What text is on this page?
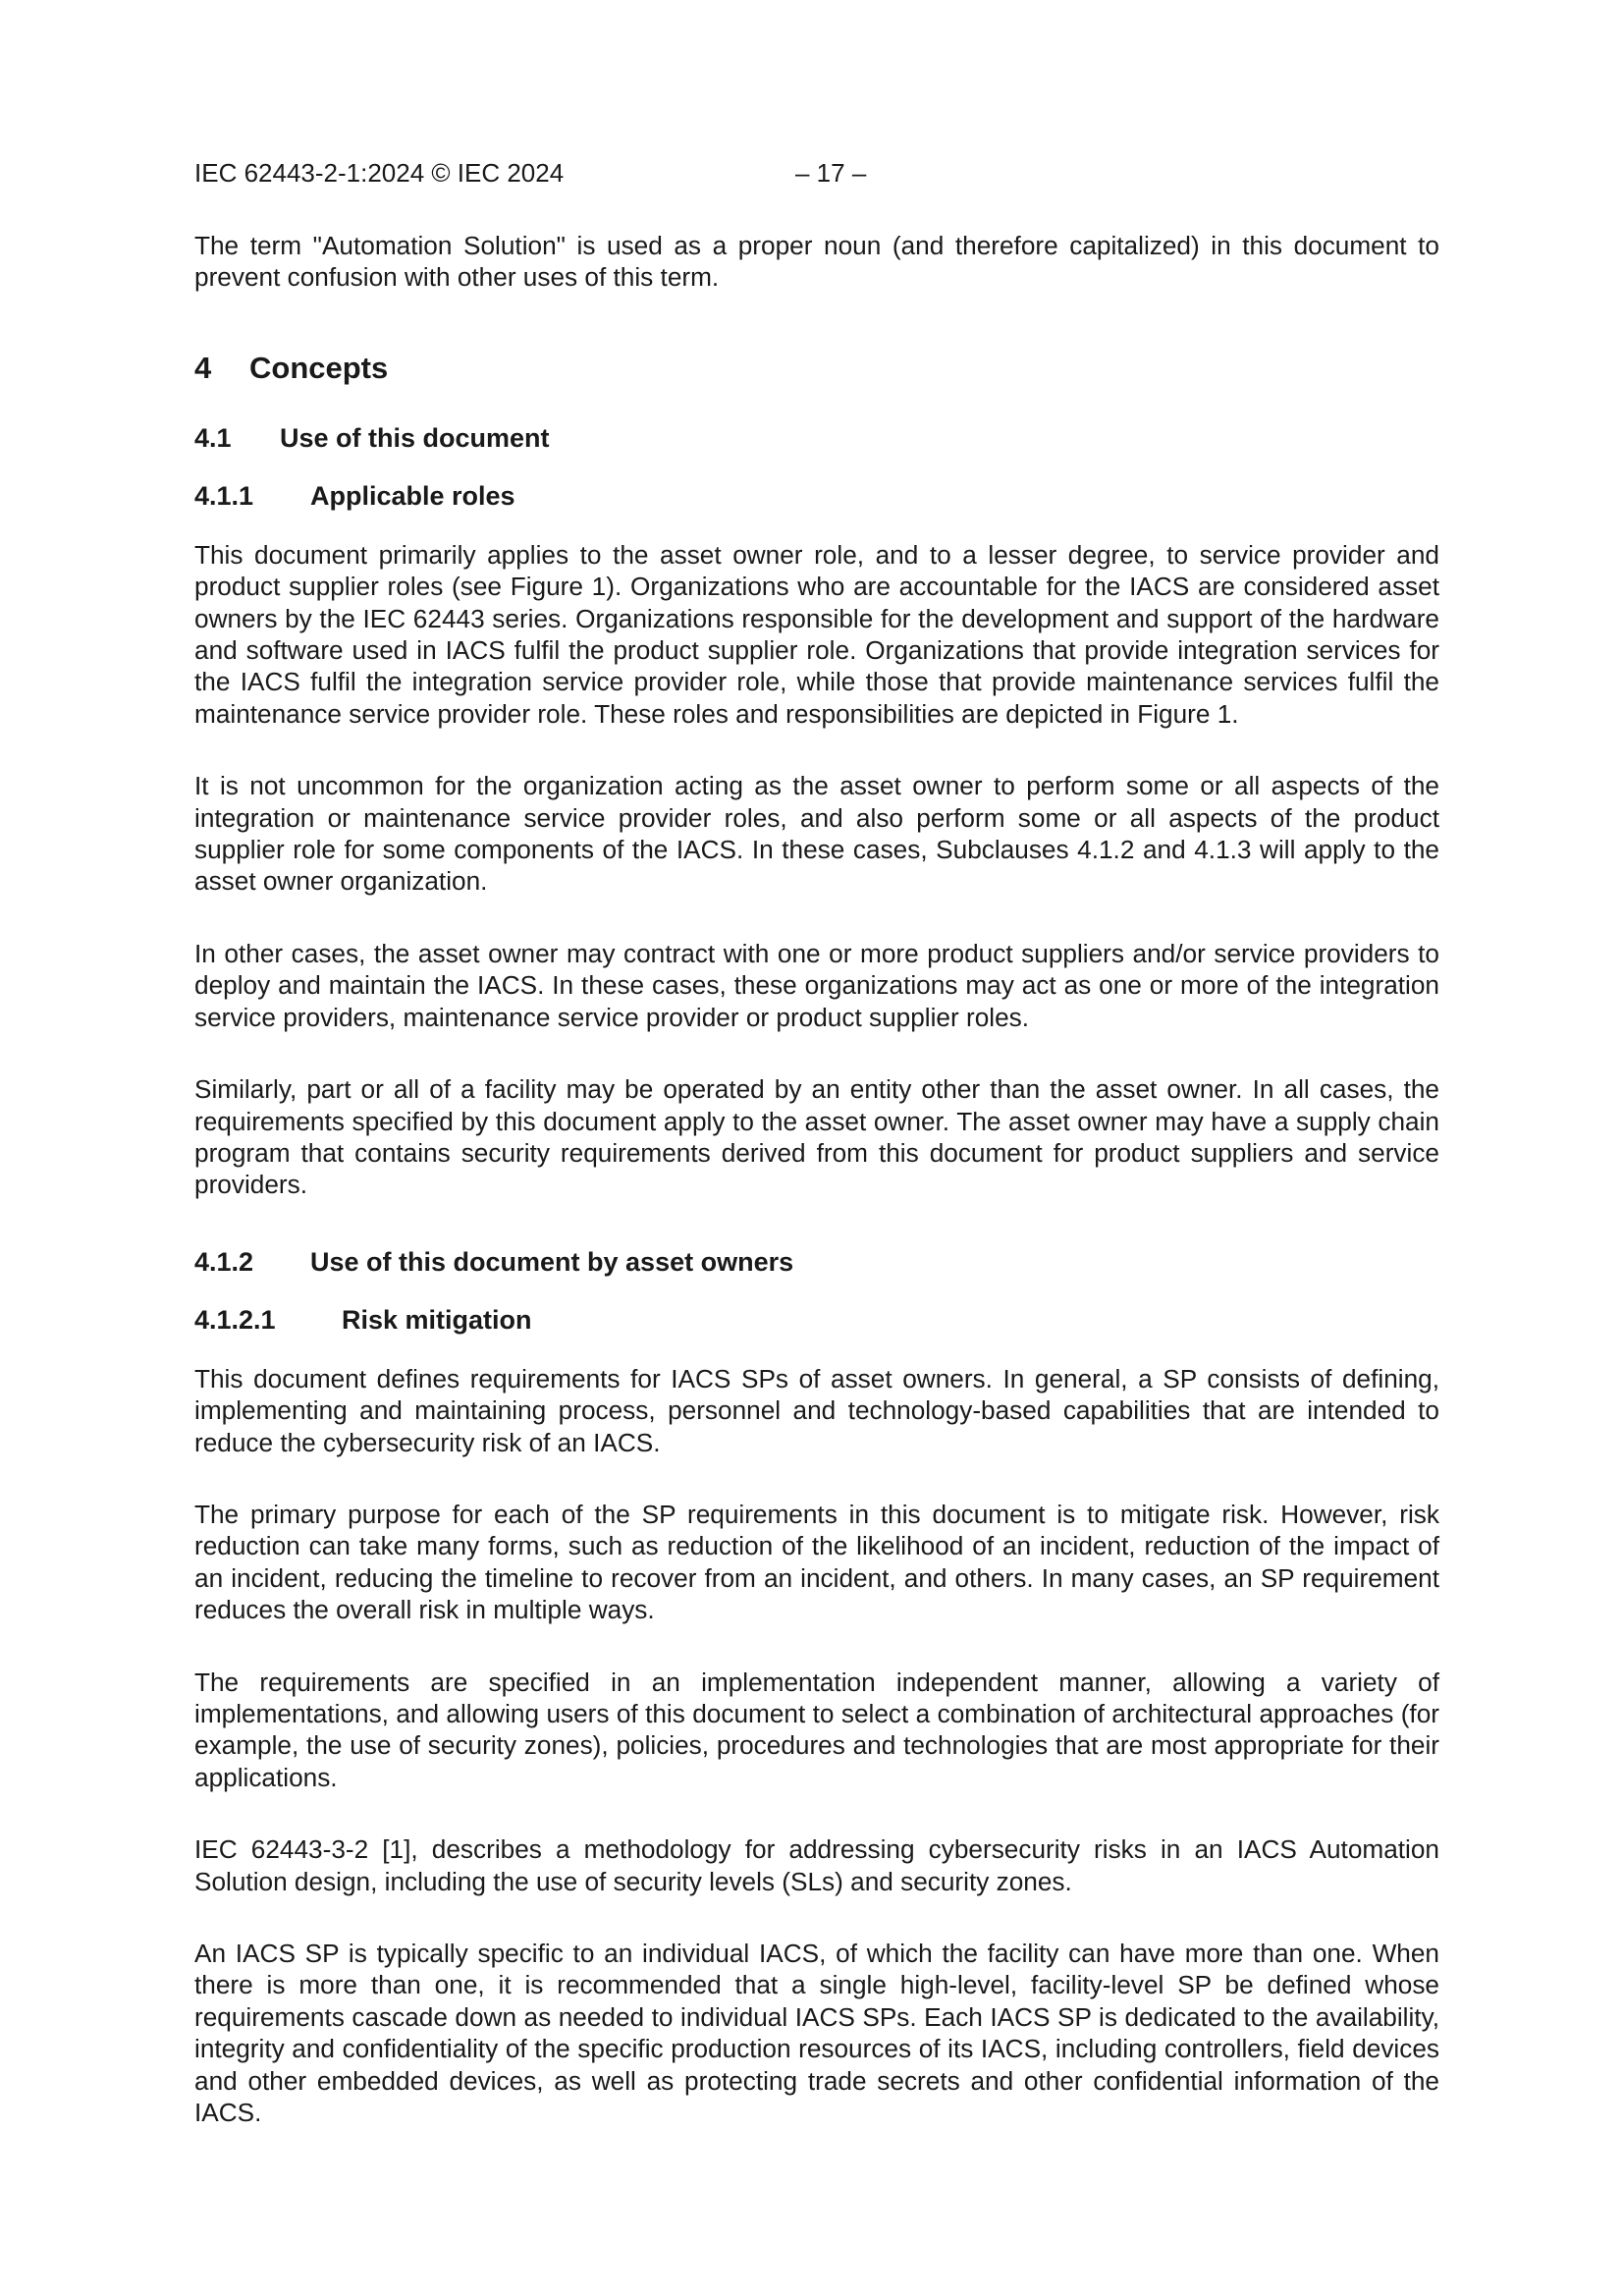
IEC 62443-2-1:2024 © IEC 2024	– 17 –

The term "Automation Solution" is used as a proper noun (and therefore capitalized) in this document to prevent confusion with other uses of this term.

4 Concepts
4.1 Use of this document
4.1.1 Applicable roles

This document primarily applies to the asset owner role, and to a lesser degree, to service provider and product supplier roles (see Figure 1). Organizations who are accountable for the IACS are considered asset owners by the IEC 62443 series. Organizations responsible for the development and support of the hardware and software used in IACS fulfil the product supplier role. Organizations that provide integration services for the IACS fulfil the integration service provider role, while those that provide maintenance services fulfil the maintenance service provider role. These roles and responsibilities are depicted in Figure 1.

It is not uncommon for the organization acting as the asset owner to perform some or all aspects of the integration or maintenance service provider roles, and also perform some or all aspects of the product supplier role for some components of the IACS. In these cases, Subclauses 4.1.2 and 4.1.3 will apply to the asset owner organization.

In other cases, the asset owner may contract with one or more product suppliers and/or service providers to deploy and maintain the IACS. In these cases, these organizations may act as one or more of the integration service providers, maintenance service provider or product supplier roles.

Similarly, part or all of a facility may be operated by an entity other than the asset owner. In all cases, the requirements specified by this document apply to the asset owner. The asset owner may have a supply chain program that contains security requirements derived from this document for product suppliers and service providers.

4.1.2 Use of this document by asset owners
4.1.2.1 Risk mitigation

This document defines requirements for IACS SPs of asset owners. In general, a SP consists of defining, implementing and maintaining process, personnel and technology-based capabilities that are intended to reduce the cybersecurity risk of an IACS.

The primary purpose for each of the SP requirements in this document is to mitigate risk. However, risk reduction can take many forms, such as reduction of the likelihood of an incident, reduction of the impact of an incident, reducing the timeline to recover from an incident, and others. In many cases, an SP requirement reduces the overall risk in multiple ways.

The requirements are specified in an implementation independent manner, allowing a variety of implementations, and allowing users of this document to select a combination of architectural approaches (for example, the use of security zones), policies, procedures and technologies that are most appropriate for their applications.

IEC 62443-3-2 [1], describes a methodology for addressing cybersecurity risks in an IACS Automation Solution design, including the use of security levels (SLs) and security zones.

An IACS SP is typically specific to an individual IACS, of which the facility can have more than one. When there is more than one, it is recommended that a single high-level, facility-level SP be defined whose requirements cascade down as needed to individual IACS SPs. Each IACS SP is dedicated to the availability, integrity and confidentiality of the specific production resources of its IACS, including controllers, field devices and other embedded devices, as well as protecting trade secrets and other confidential information of the IACS.
